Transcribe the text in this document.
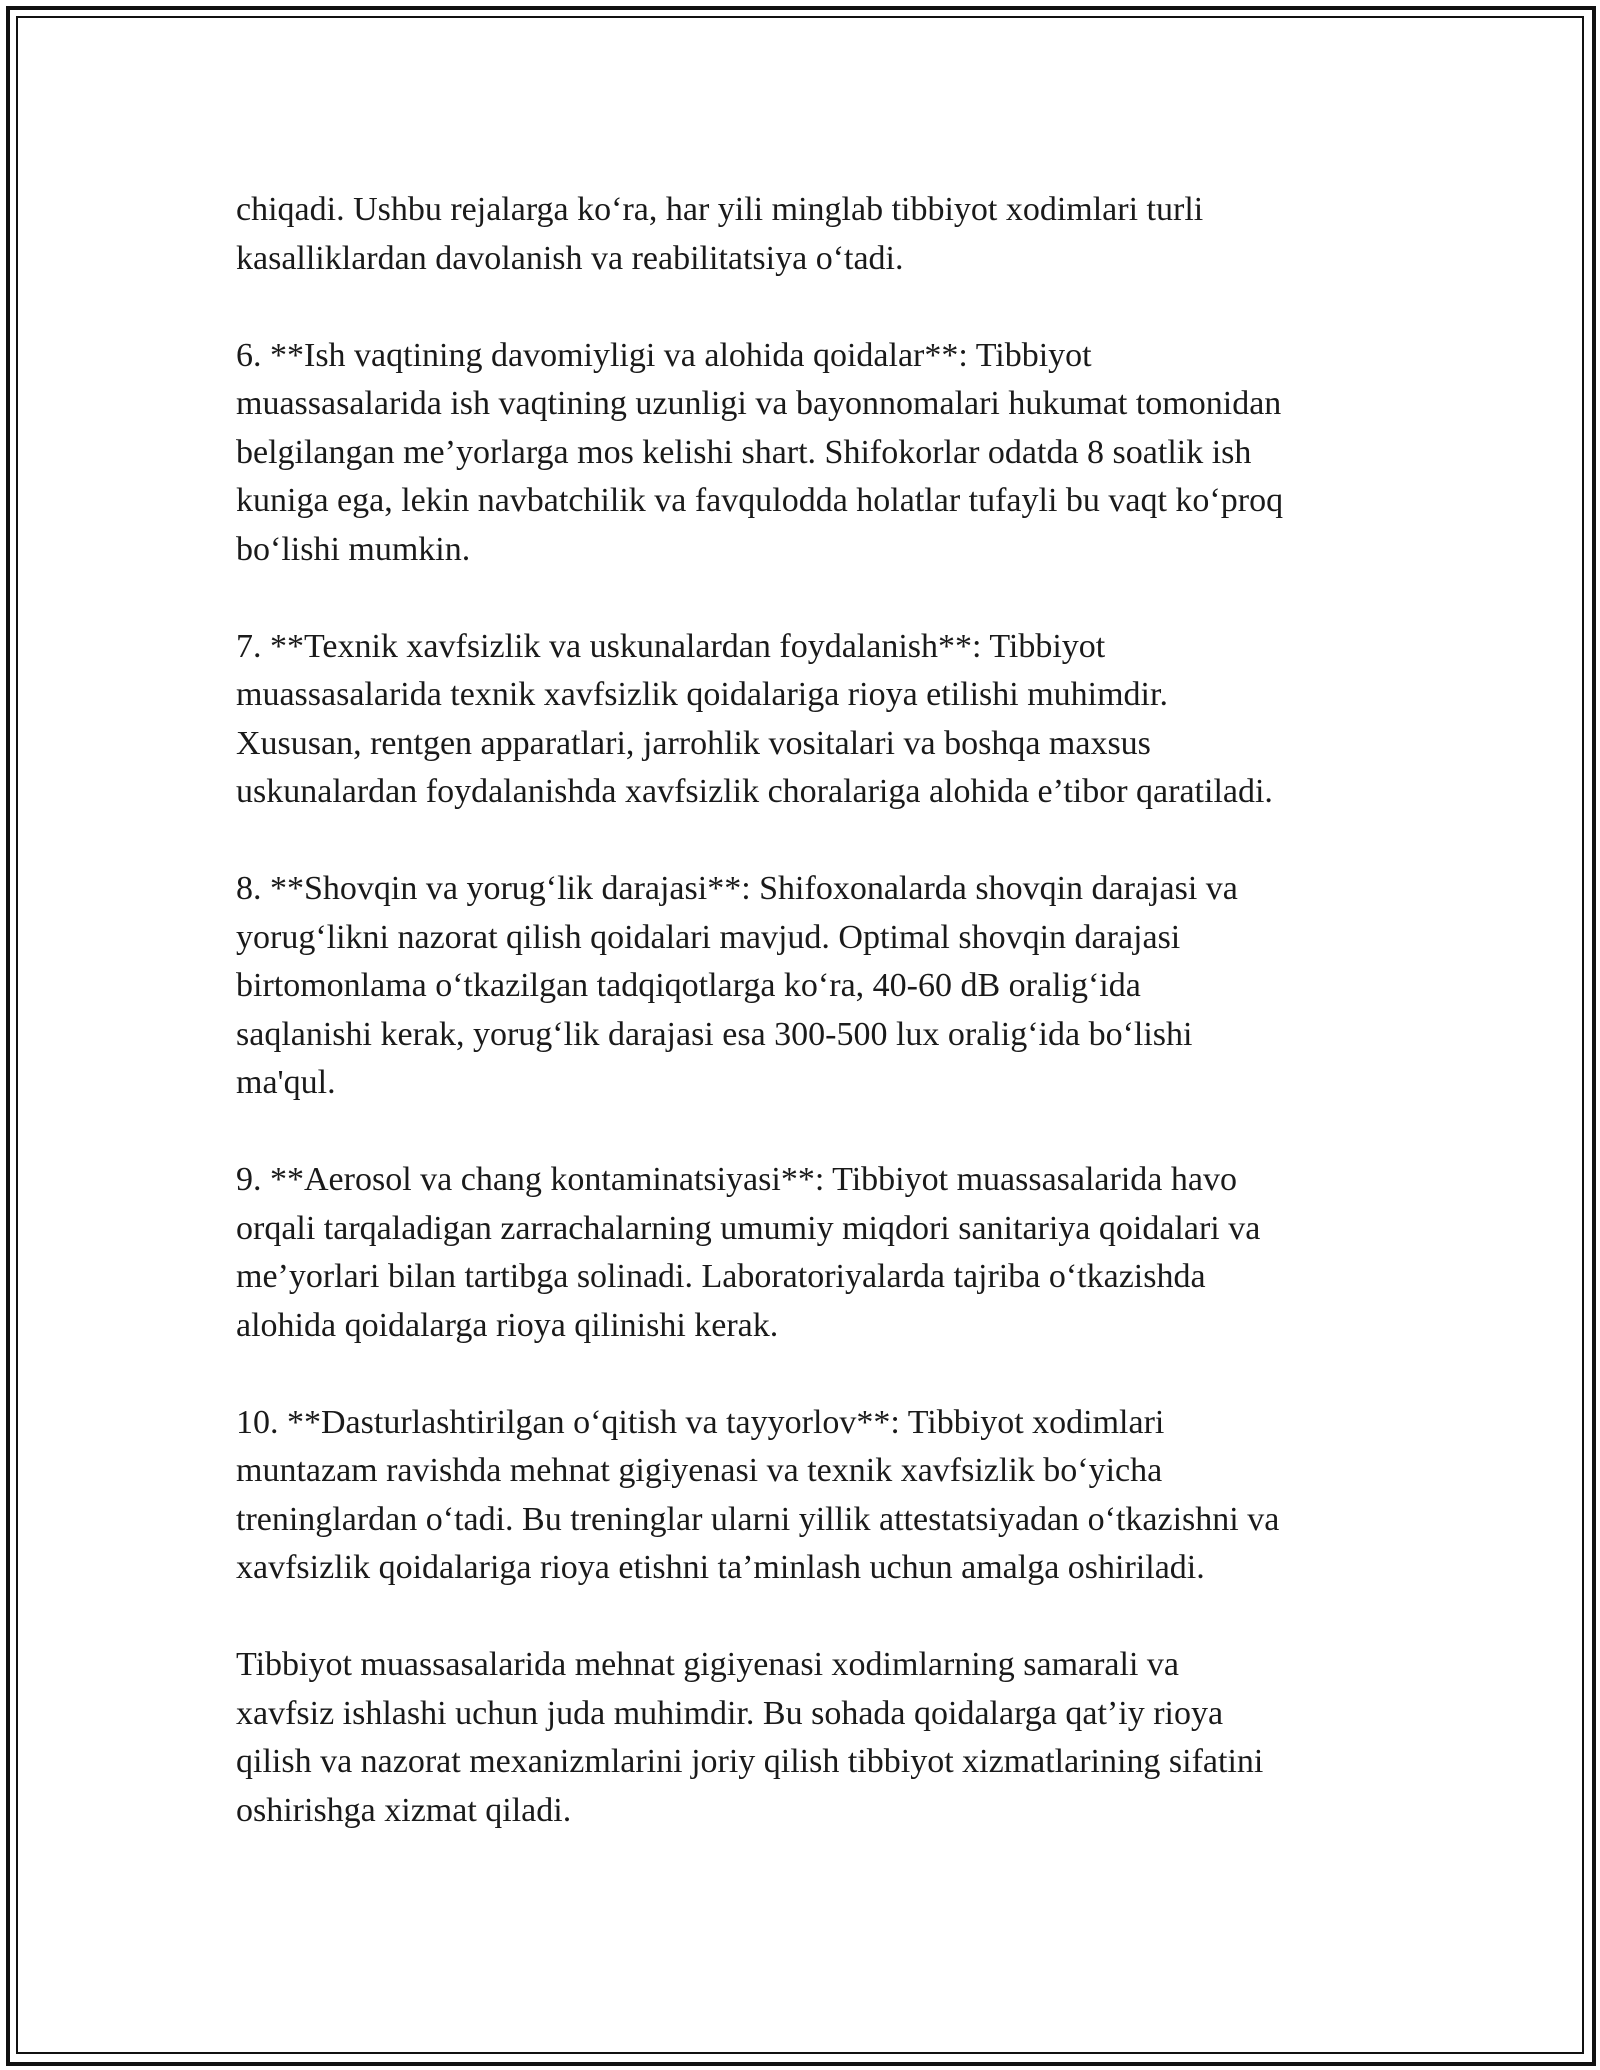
chiqadi. Ushbu rejalarga ko‘ra, har yili minglab tibbiyot xodimlari turli
kasalliklardan davolanish va reabilitatsiya o‘tadi.

6. **Ish vaqtining davomiyligi va alohida qoidalar**: Tibbiyot
muassasalarida ish vaqtining uzunligi va bayonnomalari hukumat tomonidan
belgilangan me’yorlarga mos kelishi shart. Shifokorlar odatda 8 soatlik ish
kuniga ega, lekin navbatchilik va favqulodda holatlar tufayli bu vaqt ko‘proq
bo‘lishi mumkin.

7. **Texnik xavfsizlik va uskunalardan foydalanish**: Tibbiyot
muassasalarida texnik xavfsizlik qoidalariga rioya etilishi muhimdir.
Xususan, rentgen apparatlari, jarrohlik vositalari va boshqa maxsus
uskunalardan foydalanishda xavfsizlik choralariga alohida e’tibor qaratiladi.

8. **Shovqin va yorug‘lik darajasi**: Shifoxonalarda shovqin darajasi va
yorug‘likni nazorat qilish qoidalari mavjud. Optimal shovqin darajasi
birtomonlama o‘tkazilgan tadqiqotlarga ko‘ra, 40-60 dB oralig‘ida
saqlanishi kerak, yorug‘lik darajasi esa 300-500 lux oralig‘ida bo‘lishi
ma'qul.

9. **Aerosol va chang kontaminatsiyasi**: Tibbiyot muassasalarida havo
orqali tarqaladigan zarrachalarning umumiy miqdori sanitariya qoidalari va
me’yorlari bilan tartibga solinadi. Laboratoriyalarda tajriba o‘tkazishda
alohida qoidalarga rioya qilinishi kerak.

10. **Dasturlashtirilgan o‘qitish va tayyorlov**: Tibbiyot xodimlari
muntazam ravishda mehnat gigiyenasi va texnik xavfsizlik bo‘yicha
treninglardan o‘tadi. Bu treninglar ularni yillik attestatsiyadan o‘tkazishni va
xavfsizlik qoidalariga rioya etishni ta’minlash uchun amalga oshiriladi.

Tibbiyot muassasalarida mehnat gigiyenasi xodimlarning samarali va
xavfsiz ishlashi uchun juda muhimdir. Bu sohada qoidalarga qat’iy rioya
qilish va nazorat mexanizmlarini joriy qilish tibbiyot xizmatlarining sifatini
oshirishga xizmat qiladi.
